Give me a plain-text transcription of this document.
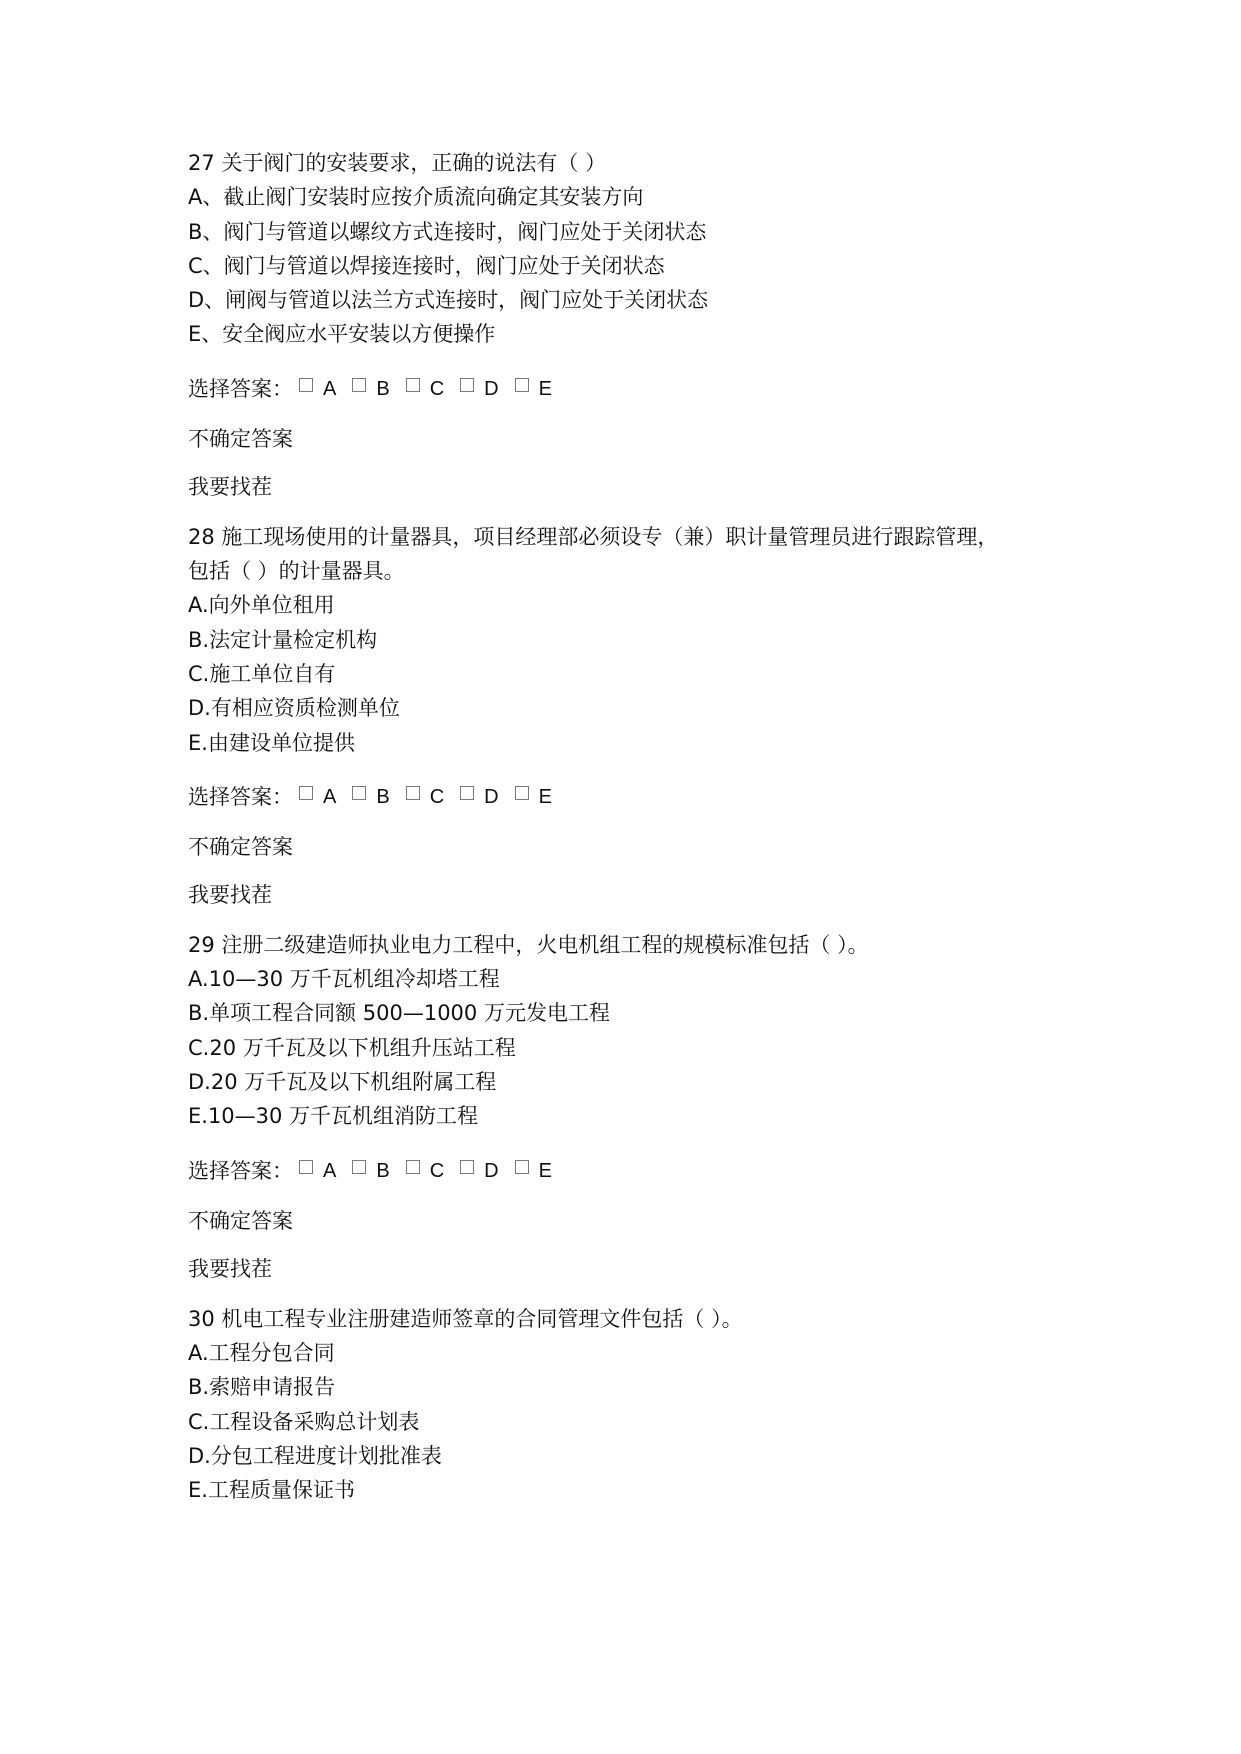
27 关于阀门的安装要求，正确的说法有（ ）
A、截止阀门安装时应按介质流向确定其安装方向
B、阀门与管道以螺纹方式连接时，阀门应处于关闭状态
C、阀门与管道以焊接连接时，阀门应处于关闭状态
D、闸阀与管道以法兰方式连接时，阀门应处于关闭状态
E、安全阀应水平安装以方便操作
选择答案： A B C D E
不确定答案
我要找茬
28 施工现场使用的计量器具，项目经理部必须设专（兼）职计量管理员进行跟踪管理，
包括（ ）的计量器具。
A.向外单位租用
B.法定计量检定机构
C.施工单位自有
D.有相应资质检测单位
E.由建设单位提供
选择答案： A B C D E
不确定答案
我要找茬
29 注册二级建造师执业电力工程中，火电机组工程的规模标准包括（ ）。
A.10—30 万千瓦机组冷却塔工程
B.单项工程合同额 500—1000 万元发电工程
C.20 万千瓦及以下机组升压站工程
D.20 万千瓦及以下机组附属工程
E.10—30 万千瓦机组消防工程
选择答案： A B C D E
不确定答案
我要找茬
30 机电工程专业注册建造师签章的合同管理文件包括（ ）。
A.工程分包合同
B.索赔申请报告
C.工程设备采购总计划表
D.分包工程进度计划批准表
E.工程质量保证书
